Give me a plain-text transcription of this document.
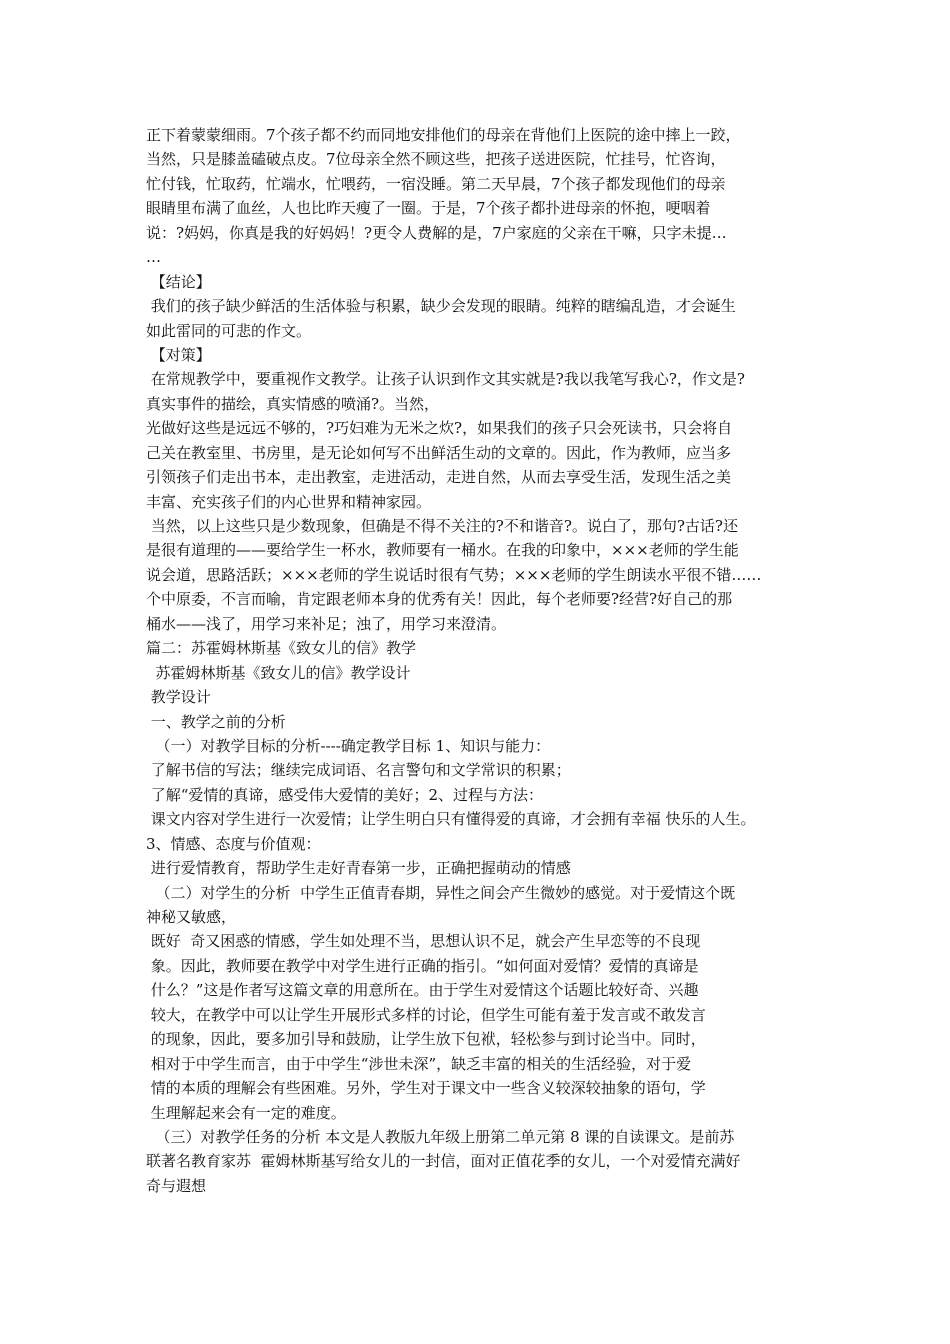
正下着蒙蒙细雨。7个孩子都不约而同地安排他们的母亲在背他们上医院的途中摔上一跤，
当然，只是膝盖磕破点皮。7位母亲全然不顾这些，把孩子送进医院，忙挂号，忙咨询，
忙付钱，忙取药，忙端水，忙喂药，一宿没睡。第二天早晨，7个孩子都发现他们的母亲
眼睛里布满了血丝，人也比昨天瘦了一圈。于是，7个孩子都扑进母亲的怀抱，哽咽着
说：?妈妈，你真是我的好妈妈！?更令人费解的是，7户家庭的父亲在干嘛，只字未提…
…
【结论】
我们的孩子缺少鲜活的生活体验与积累，缺少会发现的眼睛。纯粹的瞎编乱造，才会诞生
如此雷同的可悲的作文。
【对策】
在常规教学中，要重视作文教学。让孩子认识到作文其实就是?我以我笔写我心?，作文是?
真实事件的描绘，真实情感的喷涌?。当然，
光做好这些是远远不够的，?巧妇难为无米之炊?，如果我们的孩子只会死读书，只会将自
己关在教室里、书房里，是无论如何写不出鲜活生动的文章的。因此，作为教师，应当多
引领孩子们走出书本，走出教室，走进活动，走进自然，从而去享受生活，发现生活之美
丰富、充实孩子们的内心世界和精神家园。
当然，以上这些只是少数现象，但确是不得不关注的?不和谐音?。说白了，那句?古话?还
是很有道理的——要给学生一杯水，教师要有一桶水。在我的印象中，×××老师的学生能
说会道，思路活跃；×××老师的学生说话时很有气势；×××老师的学生朗读水平很不错……
个中原委，不言而喻，肯定跟老师本身的优秀有关！因此，每个老师要?经营?好自己的那
桶水——浅了，用学习来补足；浊了，用学习来澄清。
篇二：苏霍姆林斯基《致女儿的信》教学
苏霍姆林斯基《致女儿的信》教学设计
教学设计
一、教学之前的分析
（一）对教学目标的分析----确定教学目标 1、知识与能力：
了解书信的写法；继续完成词语、名言警句和文学常识的积累；
了解“爱情的真谛，感受伟大爱情的美好；2、过程与方法：
课文内容对学生进行一次爱情；让学生明白只有懂得爱的真谛，才会拥有幸福 快乐的人生。
3、情感、态度与价值观：
进行爱情教育，帮助学生走好青春第一步，正确把握萌动的情感
（二）对学生的分析  中学生正值青春期，异性之间会产生微妙的感觉。对于爱情这个既
神秘又敏感，
既好  奇又困惑的情感，学生如处理不当，思想认识不足，就会产生早恋等的不良现
象。因此，教师要在教学中对学生进行正确的指引。“如何面对爱情？爱情的真谛是
什么？”这是作者写这篇文章的用意所在。由于学生对爱情这个话题比较好奇、兴趣
较大，在教学中可以让学生开展形式多样的讨论，但学生可能有羞于发言或不敢发言
的现象，因此，要多加引导和鼓励，让学生放下包袱，轻松参与到讨论当中。同时，
相对于中学生而言，由于中学生“涉世未深”，缺乏丰富的相关的生活经验，对于爱
情的本质的理解会有些困难。另外，学生对于课文中一些含义较深较抽象的语句，学
生理解起来会有一定的难度。
（三）对教学任务的分析 本文是人教版九年级上册第二单元第 8 课的自读课文。是前苏
联著名教育家苏  霍姆林斯基写给女儿的一封信，面对正值花季的女儿，一个对爱情充满好
奇与遐想
